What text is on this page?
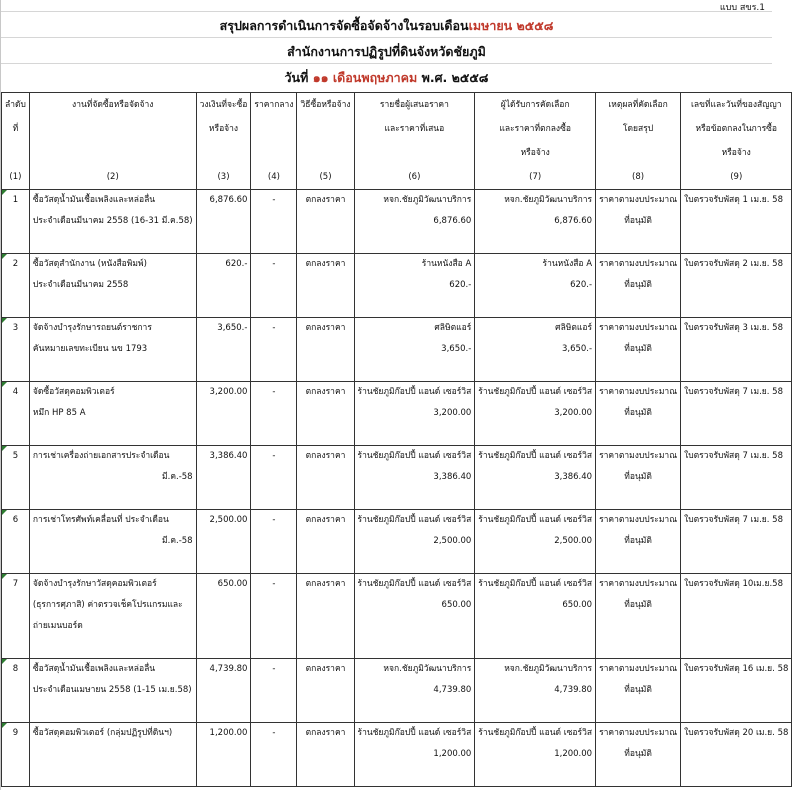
แบบ สขร.1
สรุปผลการดำเนินการจัดซื้อจัดจ้างในรอบเดือนเมษายน ๒๕๕๘
สำนักงานการปฏิรูปที่ดินจังหวัดชัยภูมิ
วันที่ ๑๑ เดือนพฤษภาคม พ.ศ. ๒๕๕๘
ลำดับ	งานที่จัดซื้อหรือจัดจ้าง	วงเงินที่จะซื้อ	ราคากลาง	วิธีซื้อหรือจ้าง	รายชื่อผู้เสนอราคา	ผู้ได้รับการคัดเลือก	เหตุผลที่คัดเลือก	เลขที่และวันที่ของสัญญา
ที่		หรือจ้าง			และราคาที่เสนอ	และราคาที่ตกลงซื้อ	โดยสรุป	หรือข้อตกลงในการซื้อ
						หรือจ้าง		หรือจ้าง
(1)	(2)	(3)	(4)	(5)	(6)	(7)	(8)	(9)
1	ซื้อวัสดุน้ำมันเชื้อเพลิงและหล่อลื่น	6,876.60	-	ตกลงราคา	หจก.ชัยภูมิวัฒนาบริการ	หจก.ชัยภูมิวัฒนาบริการ	ราคาตามงบประมาณ	ใบตรวจรับพัสดุ 1 เม.ย. 58
	ประจำเดือนมีนาคม 2558 (16-31 มี.ค.58)				6,876.60	6,876.60	ที่อนุมัติ	

2	ซื้อวัสดุสำนักงาน (หนังสือพิมพ์)	620.-	-	ตกลงราคา	ร้านหนังสือ A	ร้านหนังสือ A	ราคาตามงบประมาณ	ใบตรวจรับพัสดุ 2 เม.ย. 58
	ประจำเดือนมีนาคม 2558				620.-	620.-	ที่อนุมัติ	

3	จัดจ้างบำรุงรักษารถยนต์ราชการ	3,650.-	-	ตกลงราคา	ศลิษิตแอร์	ศลิษิตแอร์	ราคาตามงบประมาณ	ใบตรวจรับพัสดุ 3 เม.ย. 58
	คันหมายเลขทะเบียน นข 1793				3,650.-	3,650.-	ที่อนุมัติ	

4	จัดซื้อวัสดุคอมพิวเตอร์	3,200.00	-	ตกลงราคา	ร้านชัยภูมิก๊อปปี้ แอนด์ เซอร์วิส	ร้านชัยภูมิก๊อปปี้ แอนด์ เซอร์วิส	ราคาตามงบประมาณ	ใบตรวจรับพัสดุ 7 เม.ย. 58
	หมึก HP 85 A				3,200.00	3,200.00	ที่อนุมัติ	

5	การเช่าเครื่องถ่ายเอกสารประจำเดือน	3,386.40	-	ตกลงราคา	ร้านชัยภูมิก๊อปปี้ แอนด์ เซอร์วิส	ร้านชัยภูมิก๊อปปี้ แอนด์ เซอร์วิส	ราคาตามงบประมาณ	ใบตรวจรับพัสดุ 7 เม.ย. 58
	มี.ค.-58				3,386.40	3,386.40	ที่อนุมัติ	

6	การเช่าโทรศัพท์เคลื่อนที่ ประจำเดือน	2,500.00	-	ตกลงราคา	ร้านชัยภูมิก๊อปปี้ แอนด์ เซอร์วิส	ร้านชัยภูมิก๊อปปี้ แอนด์ เซอร์วิส	ราคาตามงบประมาณ	ใบตรวจรับพัสดุ 7 เม.ย. 58
	มี.ค.-58				2,500.00	2,500.00	ที่อนุมัติ	

7	จัดจ้างบำรุงรักษาวัสดุคอมพิวเตอร์	650.00	-	ตกลงราคา	ร้านชัยภูมิก๊อปปี้ แอนด์ เซอร์วิส	ร้านชัยภูมิก๊อปปี้ แอนด์ เซอร์วิส	ราคาตามงบประมาณ	ใบตรวจรับพัสดุ 10เม.ย.58
	(ธุรการศุภาสิ) ค่าตรวจเช็คโปรแกรมและ				650.00	650.00	ที่อนุมัติ	
	ถ่ายเมนบอร์ด							

8	ซื้อวัสดุน้ำมันเชื้อเพลิงและหล่อลื่น	4,739.80	-	ตกลงราคา	หจก.ชัยภูมิวัฒนาบริการ	หจก.ชัยภูมิวัฒนาบริการ	ราคาตามงบประมาณ	ใบตรวจรับพัสดุ 16 เม.ย. 58
	ประจำเดือนเมษายน 2558 (1-15 เม.ย.58)				4,739.80	4,739.80	ที่อนุมัติ	

9	ซื้อวัสดุคอมพิวเตอร์ (กลุ่มปฏิรูปที่ดินฯ)	1,200.00	-	ตกลงราคา	ร้านชัยภูมิก๊อปปี้ แอนด์ เซอร์วิส	ร้านชัยภูมิก๊อปปี้ แอนด์ เซอร์วิส	ราคาตามงบประมาณ	ใบตรวจรับพัสดุ 20 เม.ย. 58
					1,200.00	1,200.00	ที่อนุมัติ	
